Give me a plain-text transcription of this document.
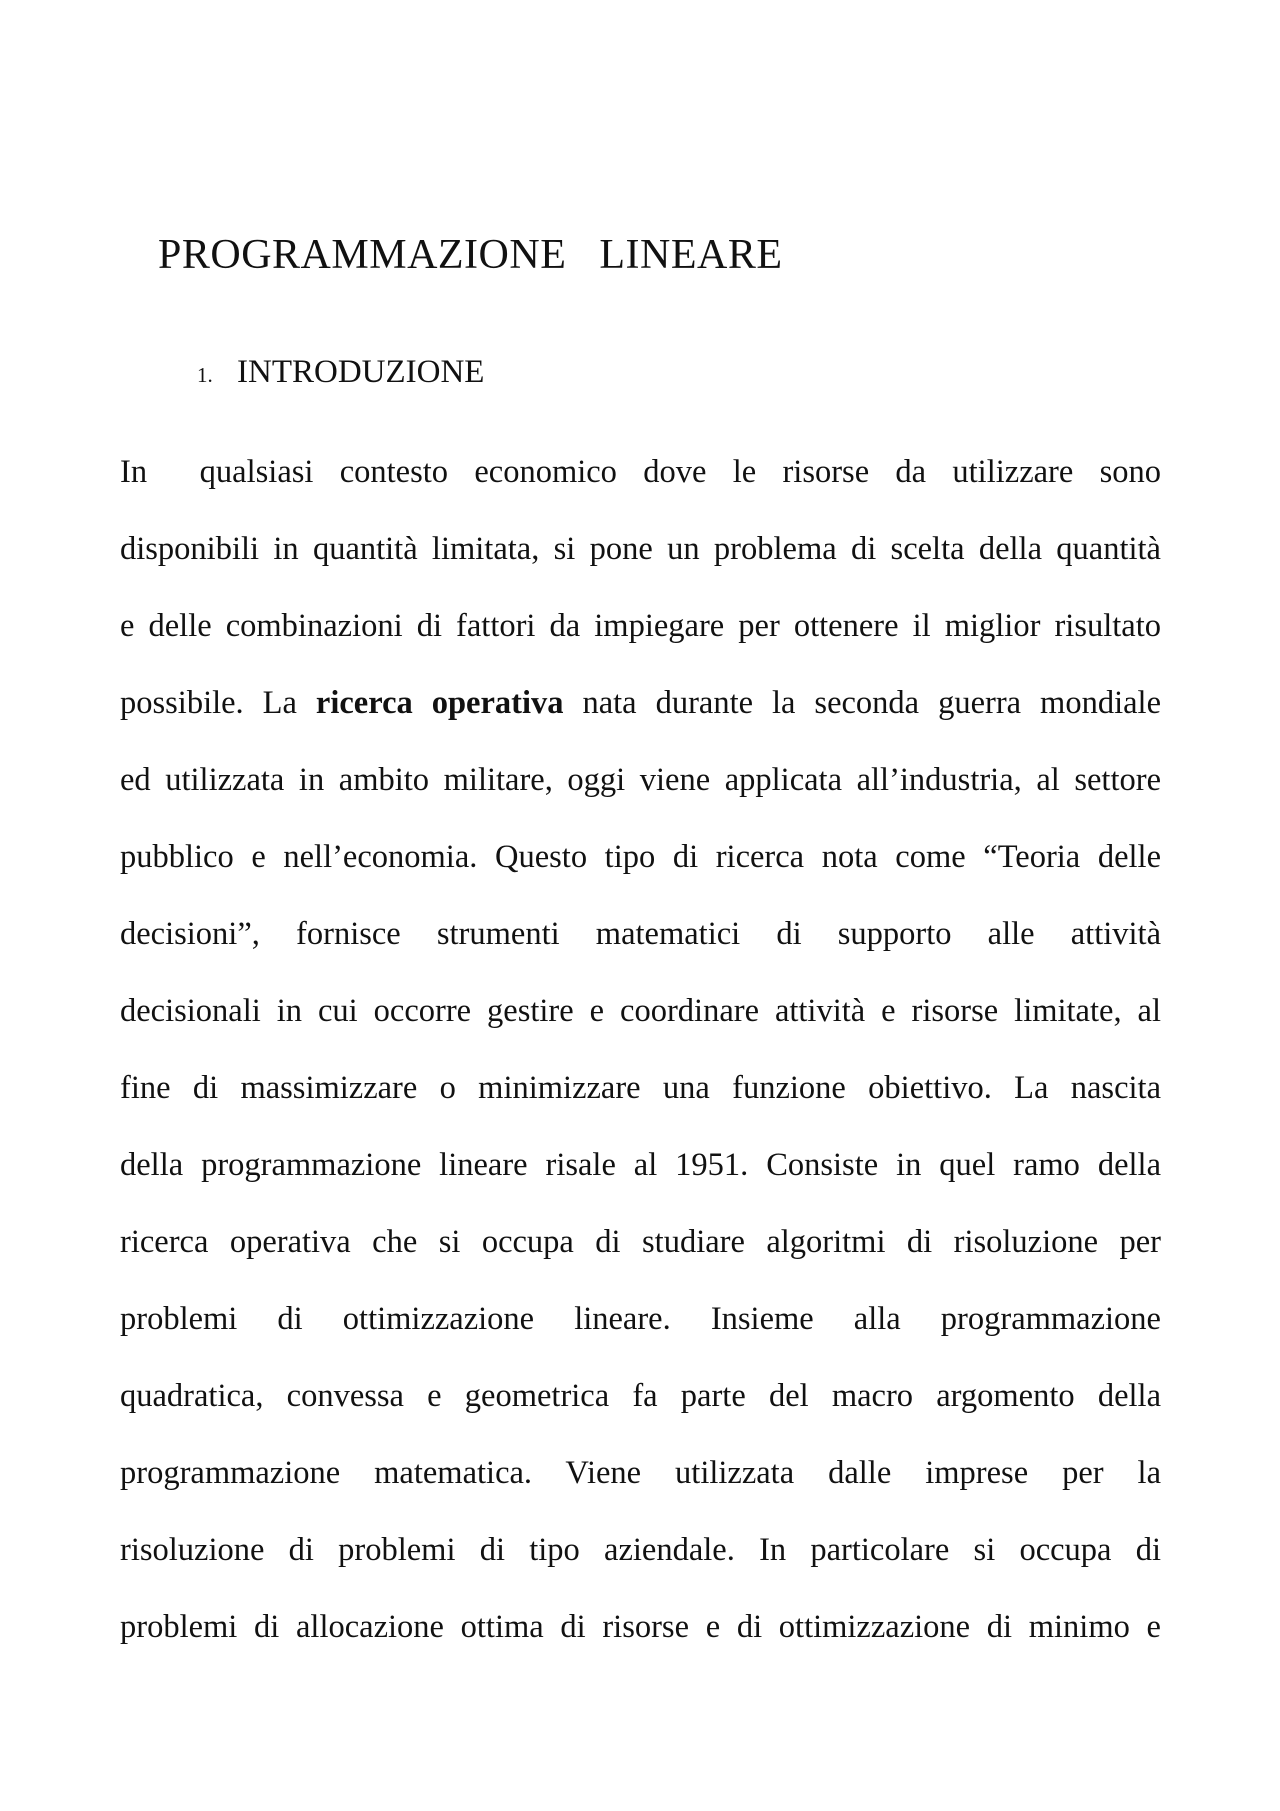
PROGRAMMAZIONE   LINEARE
1. INTRODUZIONE
In  qualsiasi contesto economico dove le risorse da utilizzare sono
disponibili in quantità limitata, si pone un problema di scelta della quantità
e delle combinazioni di fattori da impiegare per ottenere il miglior risultato
possibile. La ricerca operativa nata durante la seconda guerra mondiale
ed utilizzata in ambito militare, oggi viene applicata all’industria, al settore
pubblico e nell’economia. Questo tipo di ricerca nota come “Teoria delle
decisioni”, fornisce strumenti matematici di supporto alle attività
decisionali in cui occorre gestire e coordinare attività e risorse limitate, al
fine di massimizzare o minimizzare una funzione obiettivo. La nascita
della programmazione lineare risale al 1951. Consiste in quel ramo della
ricerca operativa che si occupa di studiare algoritmi di risoluzione per
problemi di ottimizzazione lineare. Insieme alla programmazione
quadratica, convessa e geometrica fa parte del macro argomento della
programmazione matematica. Viene utilizzata dalle imprese per la
risoluzione di problemi di tipo aziendale. In particolare si occupa di
problemi di allocazione ottima di risorse e di ottimizzazione di minimo e
